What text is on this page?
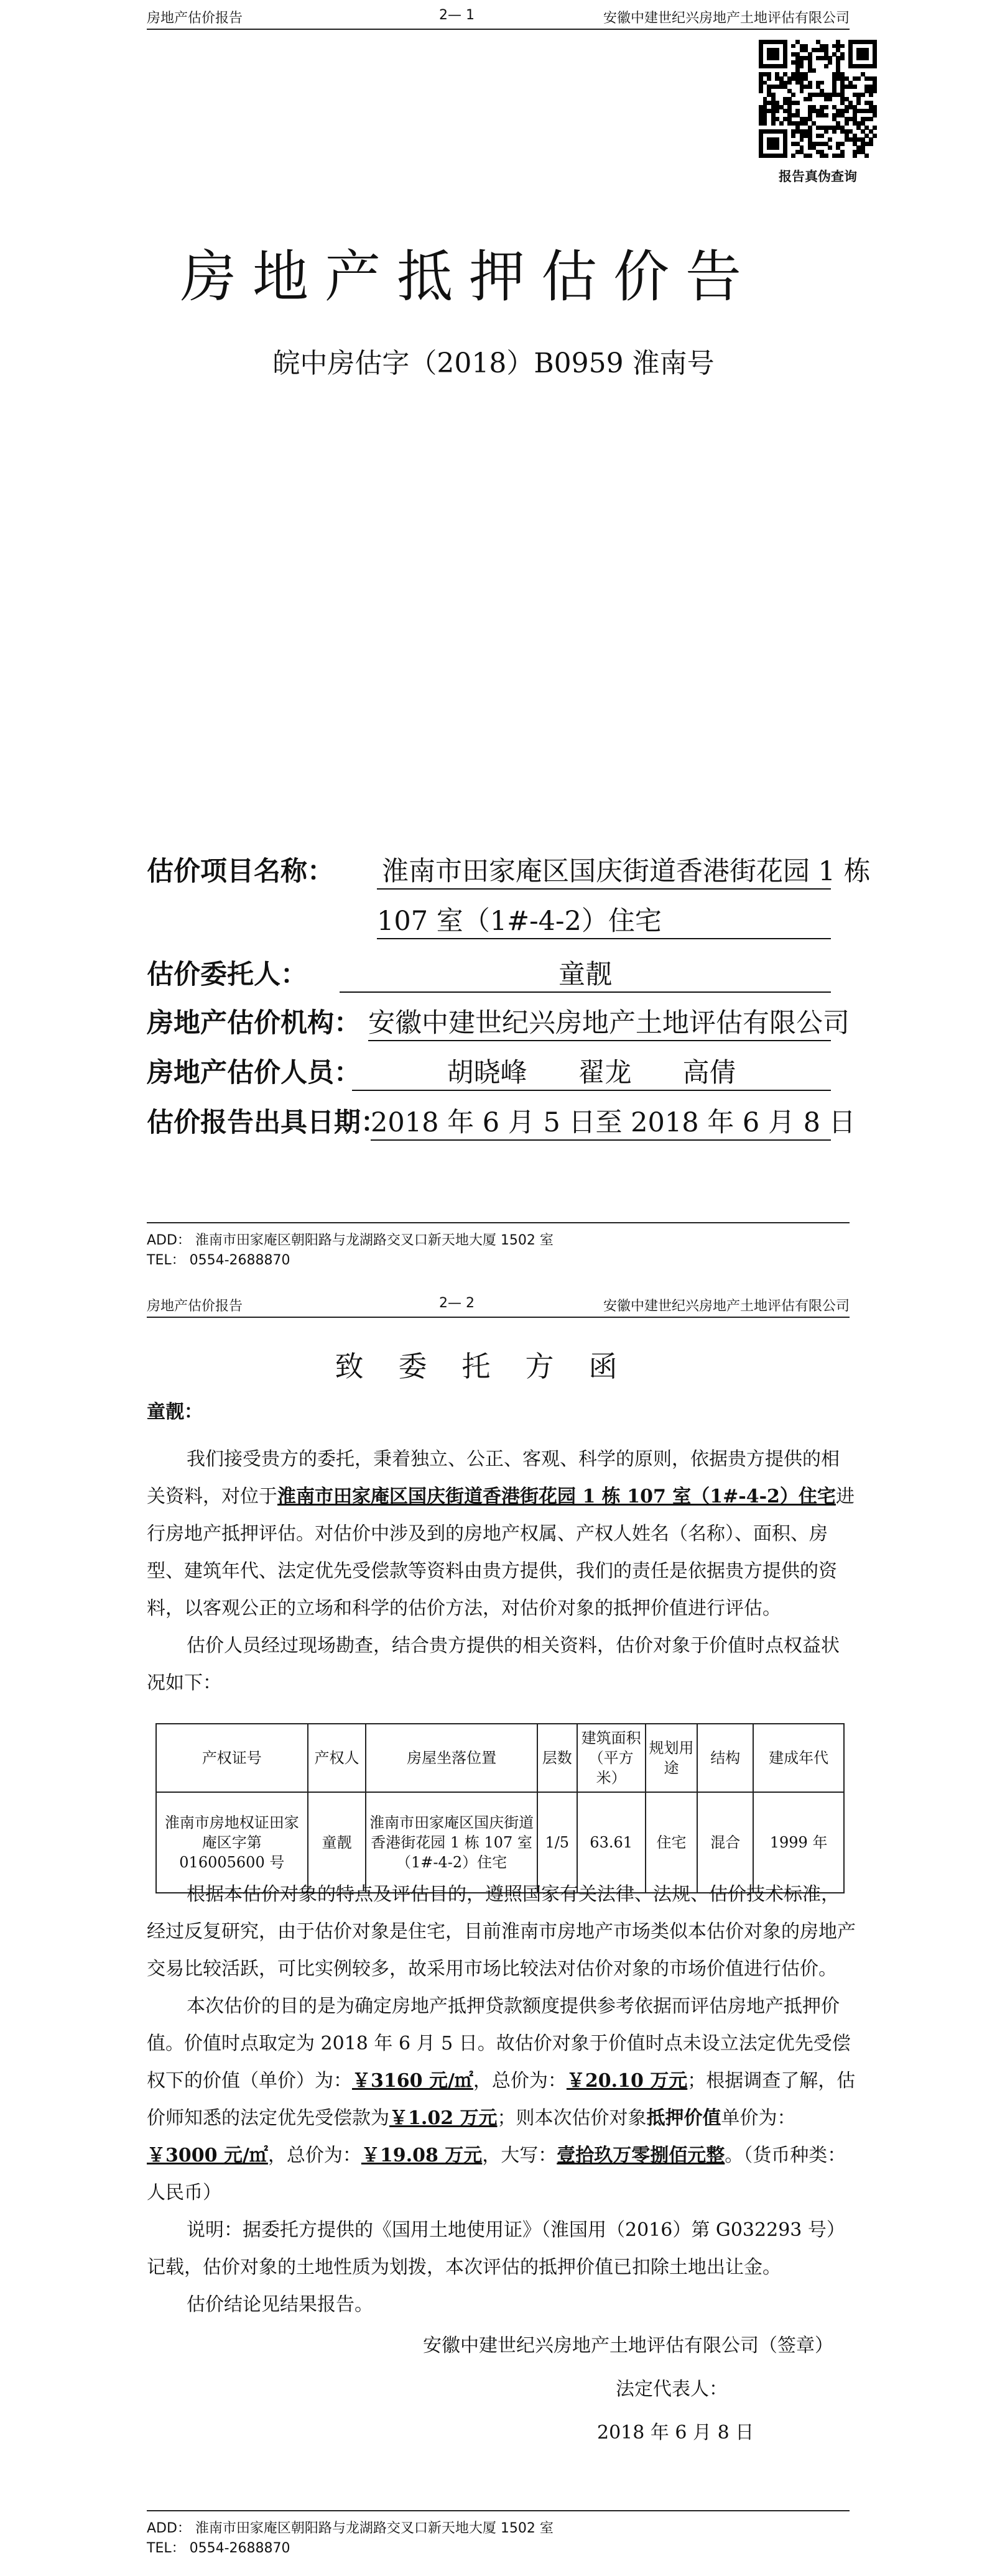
房地产估价报告	2— 1	安徽中建世纪兴房地产土地评估有限公司
报告真伪查询
房地产抵押估价告
皖中房估字（2018）B0959 淮南号
估价项目名称： 淮南市田家庵区国庆街道香港街花园 1 栋
107 室（1#-4-2）住宅
估价委托人：	童靓
房地产估价机构： 安徽中建世纪兴房地产土地评估有限公司
房地产估价人员：	胡晓峰      翟龙      高倩
估价报告出具日期：
2018 年 6 月 5 日至 2018 年 6 月 8 日
ADD： 淮南市田家庵区朝阳路与龙湖路交叉口新天地大厦 1502 室
TEL： 0554-2688870
房地产估价报告	2— 2	安徽中建世纪兴房地产土地评估有限公司
致委托方函
童靓：
我们接受贵方的委托，秉着独立、公正、客观、科学的原则，依据贵方提供的相关资料，对位于淮南市田家庵区国庆街道香港街花园 1 栋 107 室（1#-4-2）住宅进行房地产抵押评估。对估价中涉及到的房地产权属、产权人姓名（名称）、面积、房型、建筑年代、法定优先受偿款等资料由贵方提供，我们的责任是依据贵方提供的资料，以客观公正的立场和科学的估价方法，对估价对象的抵押价值进行评估。
估价人员经过现场勘查，结合贵方提供的相关资料，估价对象于价值时点权益状况如下：
产权证号	产权人	房屋坐落位置	层数	建筑面积（平方米）	规划用途	结构	建成年代
淮南市房地权证田家庵区字第 016005600 号	童靓	淮南市田家庵区国庆街道香港街花园 1 栋 107 室（1#-4-2）住宅	1/5	63.61	住宅	混合	1999 年
根据本估价对象的特点及评估目的，遵照国家有关法律、法规、估价技术标准，经过反复研究，由于估价对象是住宅，目前淮南市房地产市场类似本估价对象的房地产交易比较活跃，可比实例较多，故采用市场比较法对估价对象的市场价值进行估价。
本次估价的目的是为确定房地产抵押贷款额度提供参考依据而评估房地产抵押价值。价值时点取定为 2018 年 6 月 5 日。故估价对象于价值时点未设立法定优先受偿权下的价值（单价）为：￥3160 元/㎡，总价为：￥20.10 万元；根据调查了解，估价师知悉的法定优先受偿款为￥1.02 万元；则本次估价对象抵押价值单价为：￥3000 元/㎡，总价为：￥19.08 万元，大写：壹拾玖万零捌佰元整。（货币种类：人民币）
说明：据委托方提供的《国用土地使用证》（淮国用（2016）第 G032293 号）记载，估价对象的土地性质为划拨，本次评估的抵押价值已扣除土地出让金。
估价结论见结果报告。
安徽中建世纪兴房地产土地评估有限公司（签章）
法定代表人：
2018 年 6 月 8 日
ADD： 淮南市田家庵区朝阳路与龙湖路交叉口新天地大厦 1502 室
TEL： 0554-2688870
